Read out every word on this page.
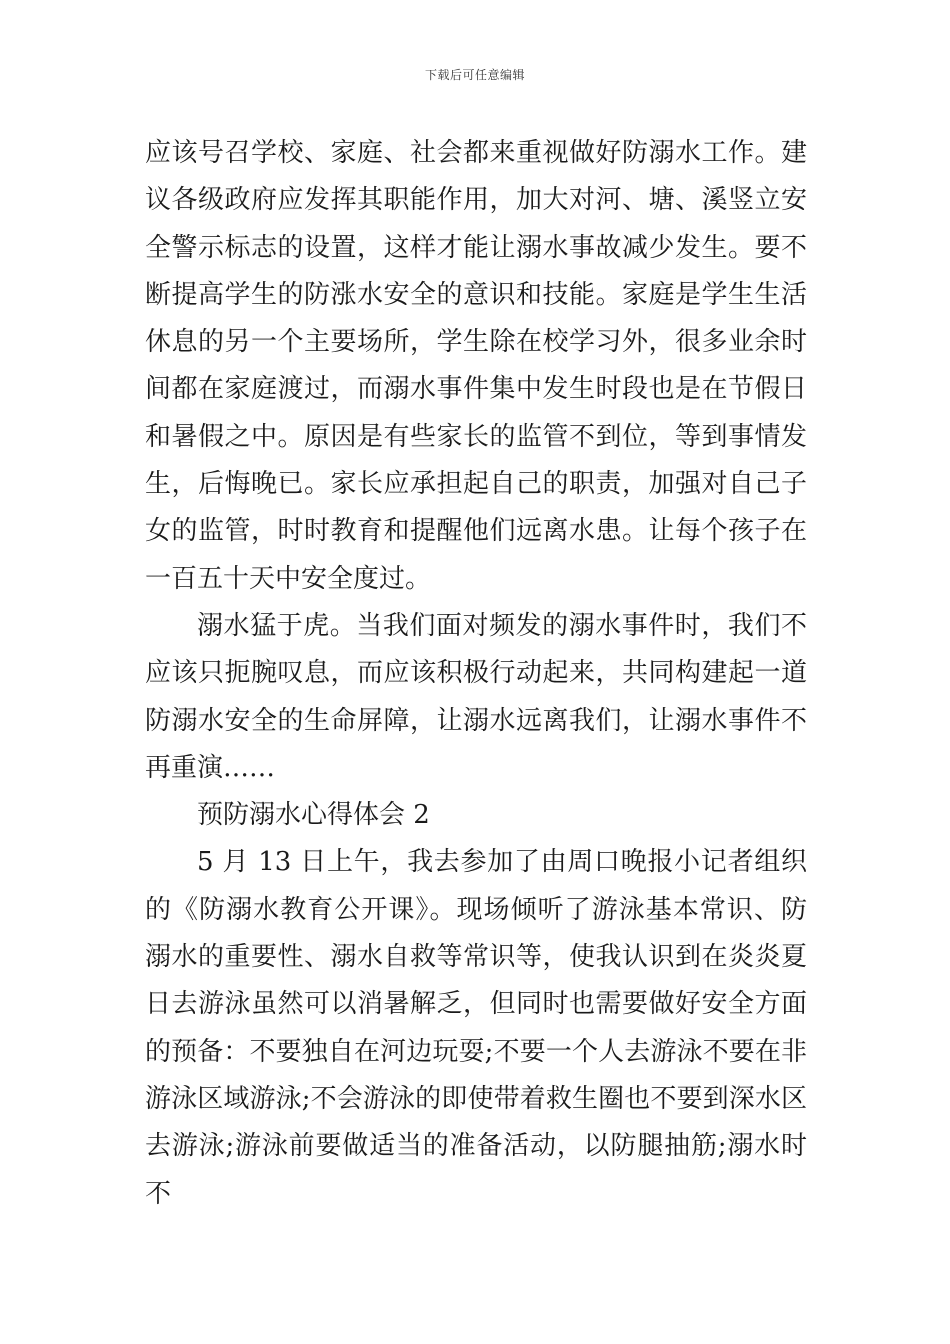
下载后可任意编辑

应该号召学校、家庭、社会都来重视做好防溺水工作。建议各级政府应发挥其职能作用，加大对河、塘、溪竖立安全警示标志的设置，这样才能让溺水事故减少发生。要不断提高学生的防涨水安全的意识和技能。家庭是学生生活休息的另一个主要场所，学生除在校学习外，很多业余时间都在家庭渡过，而溺水事件集中发生时段也是在节假日和暑假之中。原因是有些家长的监管不到位，等到事情发生，后悔晚已。家长应承担起自己的职责，加强对自己子女的监管，时时教育和提醒他们远离水患。让每个孩子在一百五十天中安全度过。

溺水猛于虎。当我们面对频发的溺水事件时，我们不应该只扼腕叹息，而应该积极行动起来，共同构建起一道防溺水安全的生命屏障，让溺水远离我们，让溺水事件不再重演……

预防溺水心得体会 2

5 月 13 日上午，我去参加了由周口晚报小记者组织的《防溺水教育公开课》。现场倾听了游泳基本常识、防溺水的重要性、溺水自救等常识等，使我认识到在炎炎夏日去游泳虽然可以消暑解乏，但同时也需要做好安全方面的预备：不要独自在河边玩耍;不要一个人去游泳不要在非游泳区域游泳;不会游泳的即使带着救生圈也不要到深水区去游泳;游泳前要做适当的准备活动，以防腿抽筋;溺水时不
